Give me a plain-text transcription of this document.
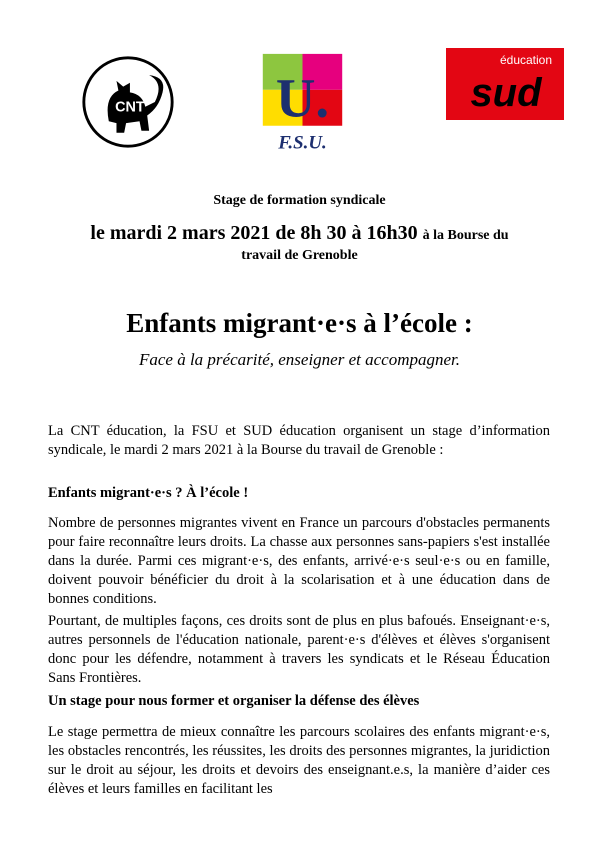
CNT U.
F.S.U.
éducation
sud
Stage de formation syndicale
le mardi 2 mars 2021 de 8h 30 à 16h30 à la Bourse du
travail de Grenoble
Enfants migrant·e·s à l’école :
Face à la précarité, enseigner et accompagner.

La CNT éducation, la FSU et SUD éducation organisent un stage d’information syndicale, le mardi 2 mars 2021 à la Bourse du travail de Grenoble :

Enfants migrant·e·s ? À l’école !

Nombre de personnes migrantes vivent en France un parcours d'obstacles permanents pour faire reconnaître leurs droits. La chasse aux personnes sans-papiers s'est installée dans la durée. Parmi ces migrant·e·s, des enfants, arrivé·e·s seul·e·s ou en famille, doivent pouvoir bénéficier du droit à la scolarisation et à une éducation dans de bonnes conditions.

Pourtant, de multiples façons, ces droits sont de plus en plus bafoués. Enseignant·e·s, autres personnels de l'éducation nationale, parent·e·s d'élèves et élèves s'organisent donc pour les défendre, notamment à travers les syndicats et le Réseau Éducation Sans Frontières.

Un stage pour nous former et organiser la défense des élèves

Le stage permettra de mieux connaître les parcours scolaires des enfants migrant·e·s, les obstacles rencontrés, les réussites, les droits des personnes migrantes, la juridiction sur le droit au séjour, les droits et devoirs des enseignant.e.s, la manière d’aider ces élèves et leurs familles en facilitant les
